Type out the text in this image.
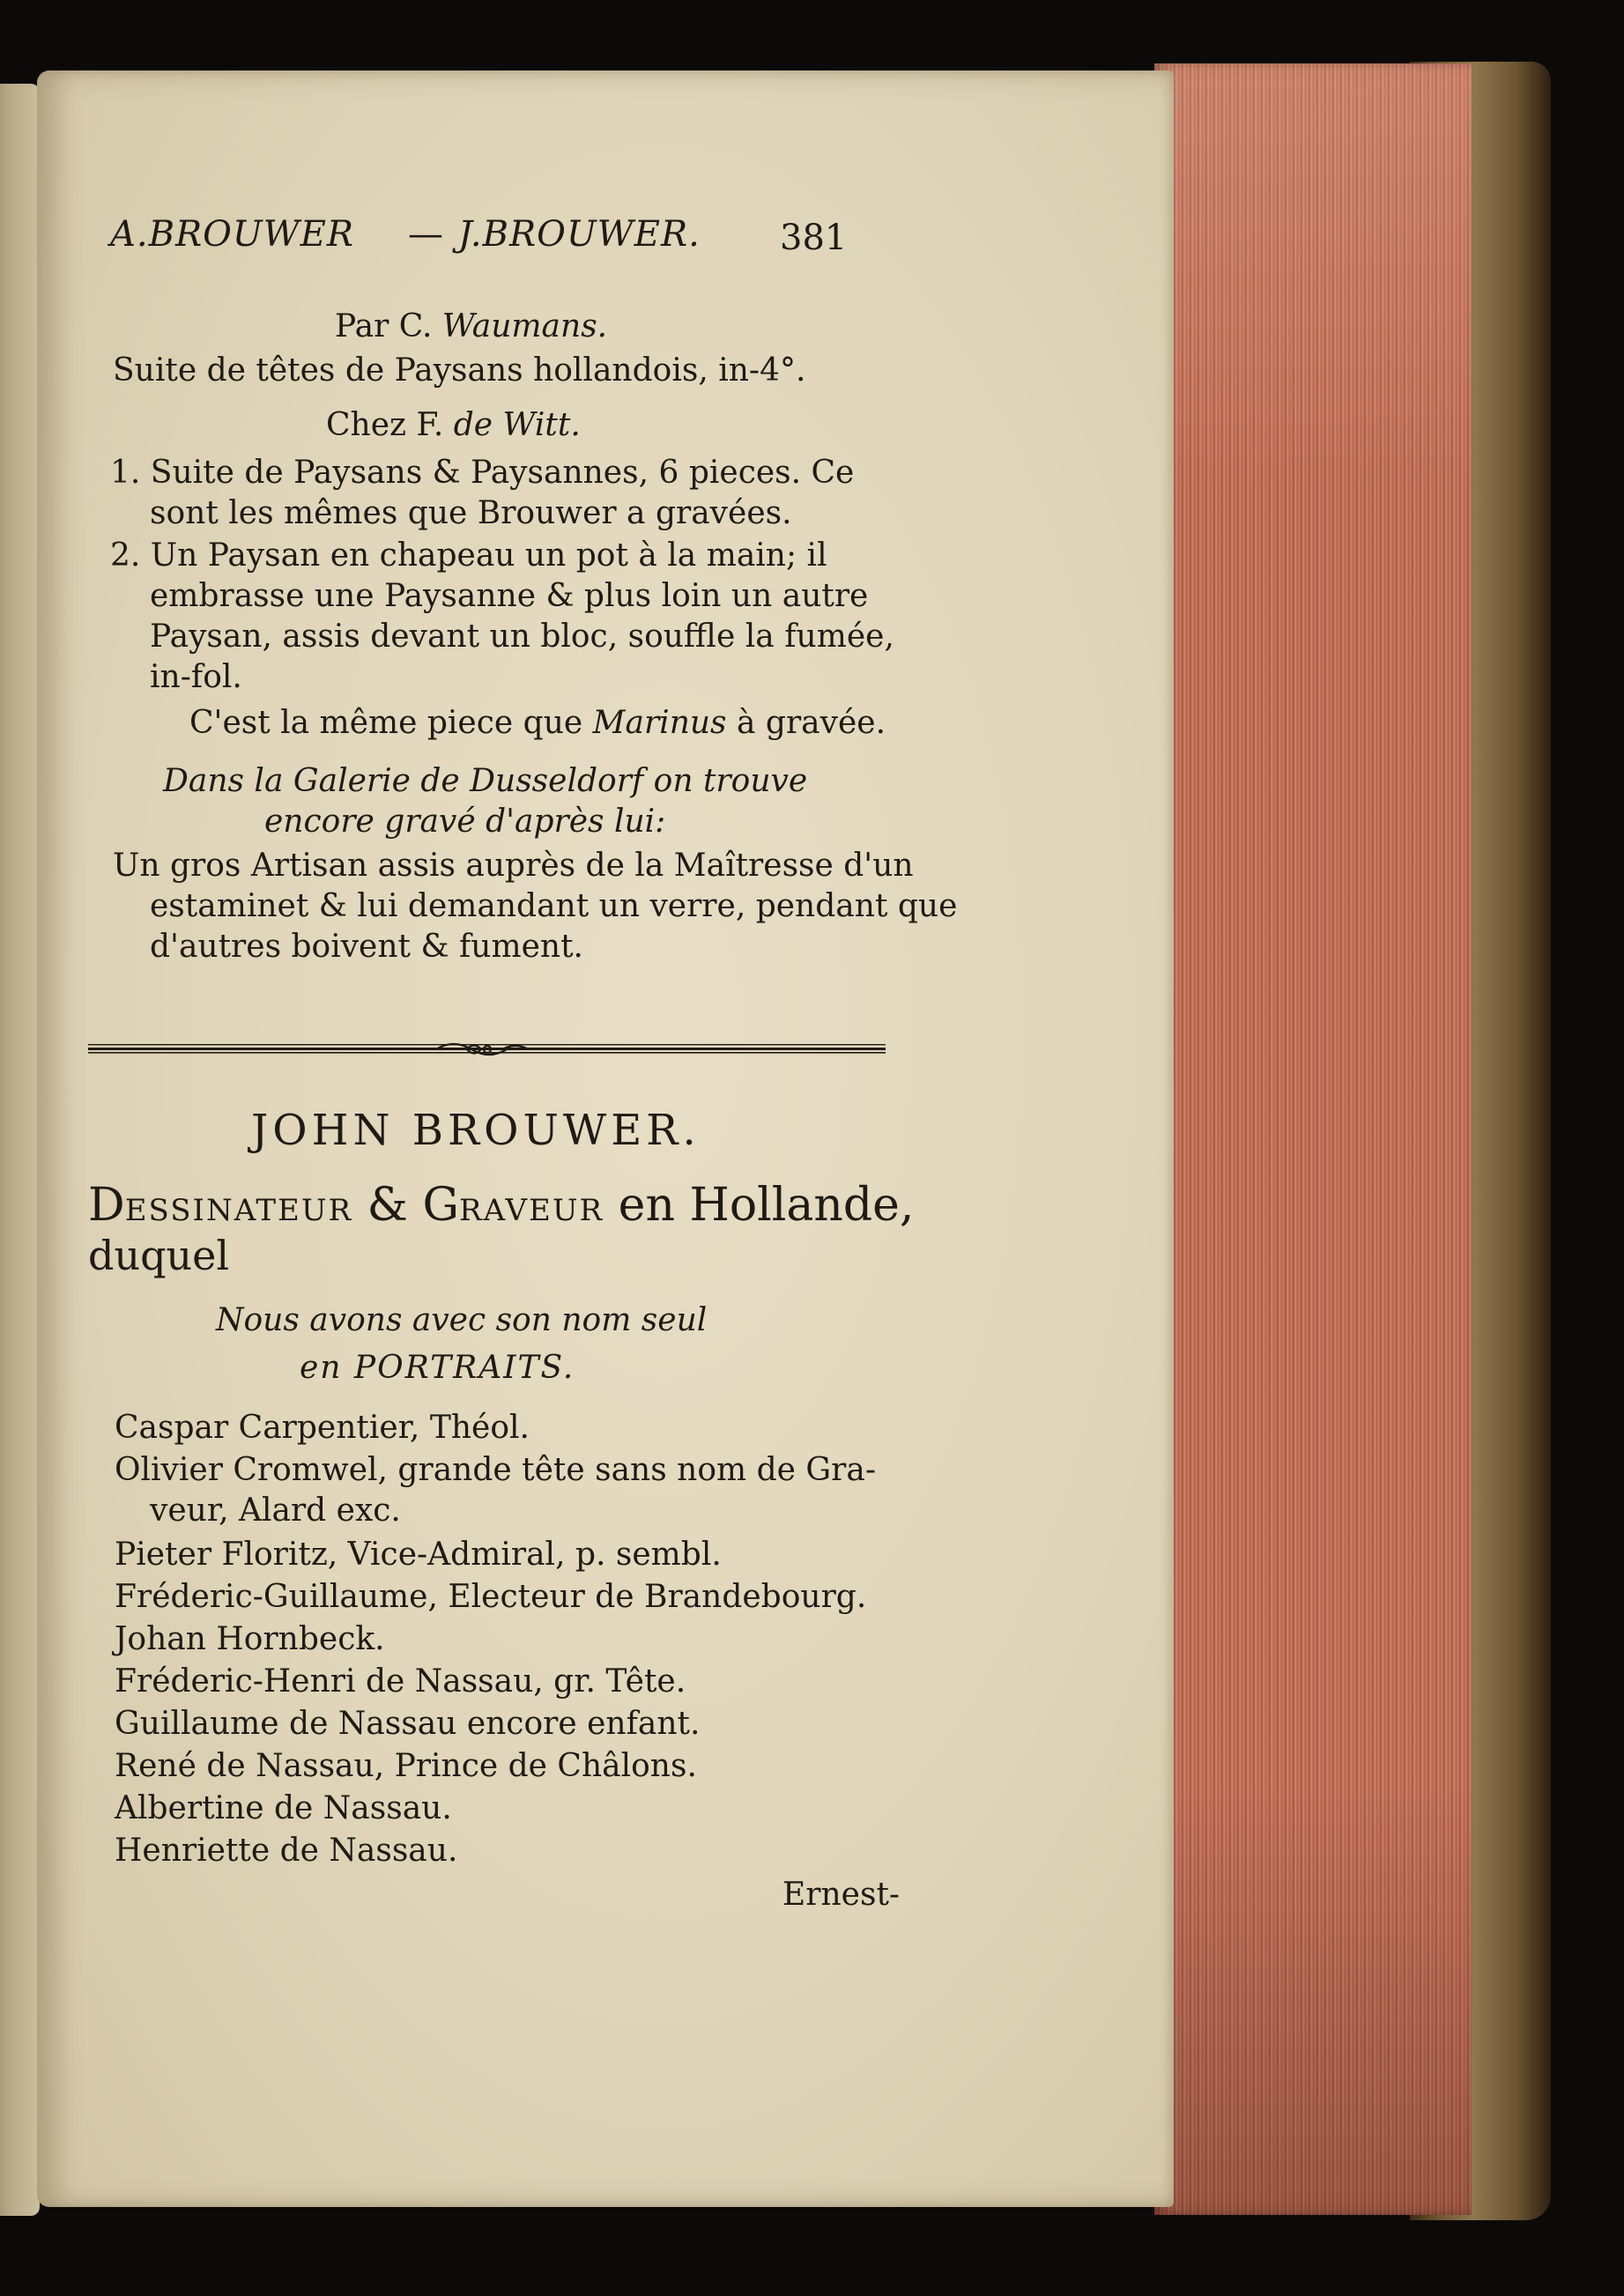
A.BROUWER — J.BROUWER. 381
Par C. Waumans.
Suite de têtes de Paysans hollandois, in-4°.
Chez F. de Witt.
1. Suite de Paysans & Paysannes, 6 pieces. Ce
sont les mêmes que Brouwer a gravées.
2. Un Paysan en chapeau un pot à la main; il
embrasse une Paysanne & plus loin un autre
Paysan, assis devant un bloc, souffle la fumée,
in-fol.
C'est la même piece que Marinus à gravée.
Dans la Galerie de Dusseldorf on trouve
encore gravé d'après lui:
Un gros Artisan assis auprès de la Maîtresse d'un
estaminet & lui demandant un verre, pendant que
d'autres boivent & fument.
JOHN BROUWER.
DESSINATEUR & GRAVEUR en Hollande,
duquel
Nous avons avec son nom seul
en PORTRAITS.
Caspar Carpentier, Théol.
Olivier Cromwel, grande tête sans nom de Gra-
veur, Alard exc.
Pieter Floritz, Vice-Admiral, p. sembl.
Fréderic-Guillaume, Electeur de Brandebourg.
Johan Hornbeck.
Fréderic-Henri de Nassau, gr. Tête.
Guillaume de Nassau encore enfant.
René de Nassau, Prince de Châlons.
Albertine de Nassau.
Henriette de Nassau.
Ernest-
